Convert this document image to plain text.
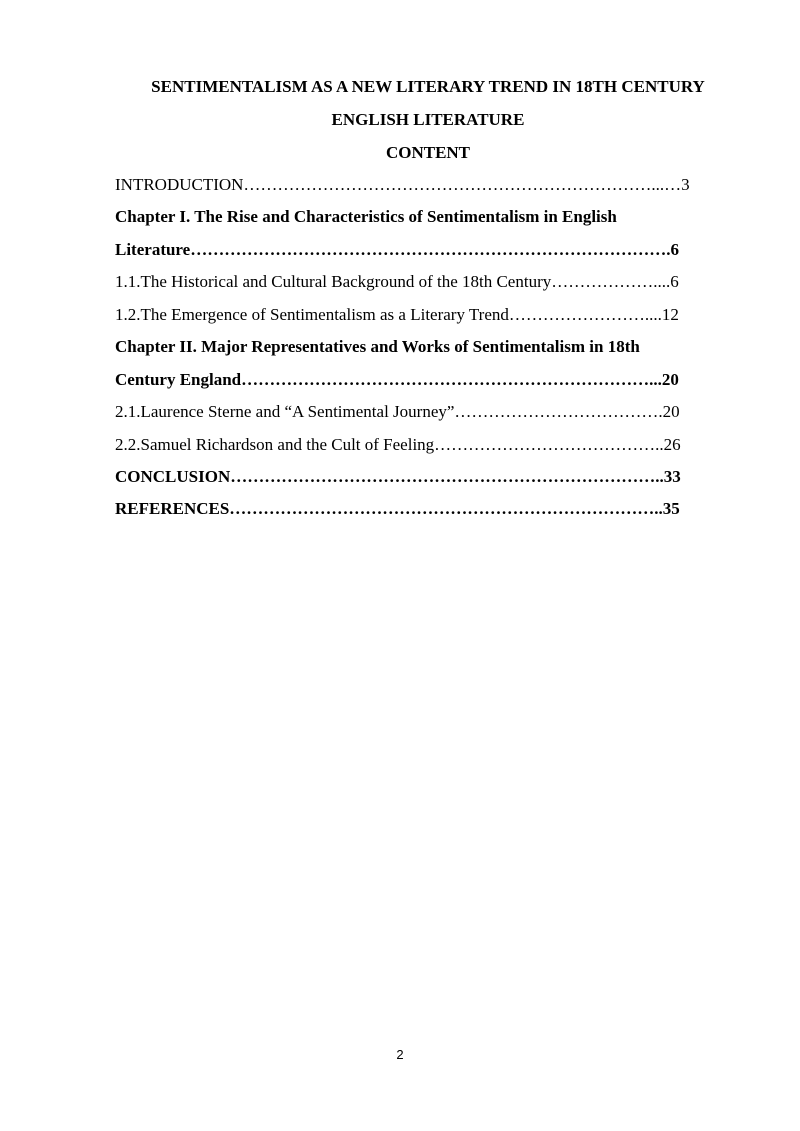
SENTIMENTALISM AS A NEW LITERARY TREND IN 18TH CENTURY
ENGLISH LITERATURE
CONTENT
INTRODUCTION………………………………………………………………...…3
Chapter I. The Rise and Characteristics of Sentimentalism in English
Literature………………………………………………………………………….6
1.1.The Historical and Cultural Background of the 18th Century………………....6
1.2.The Emergence of Sentimentalism as a Literary Trend……………………....12
Chapter II. Major Representatives and Works of Sentimentalism in 18th
Century England………………………………………………………………...20
2.1.Laurence Sterne and “A Sentimental Journey”……………………………….20
2.2.Samuel Richardson and the Cult of Feeling…………………………………..26
CONCLUSION…………………………………………………………………..33
REFERENCES…………………………………………………………………..35
2
